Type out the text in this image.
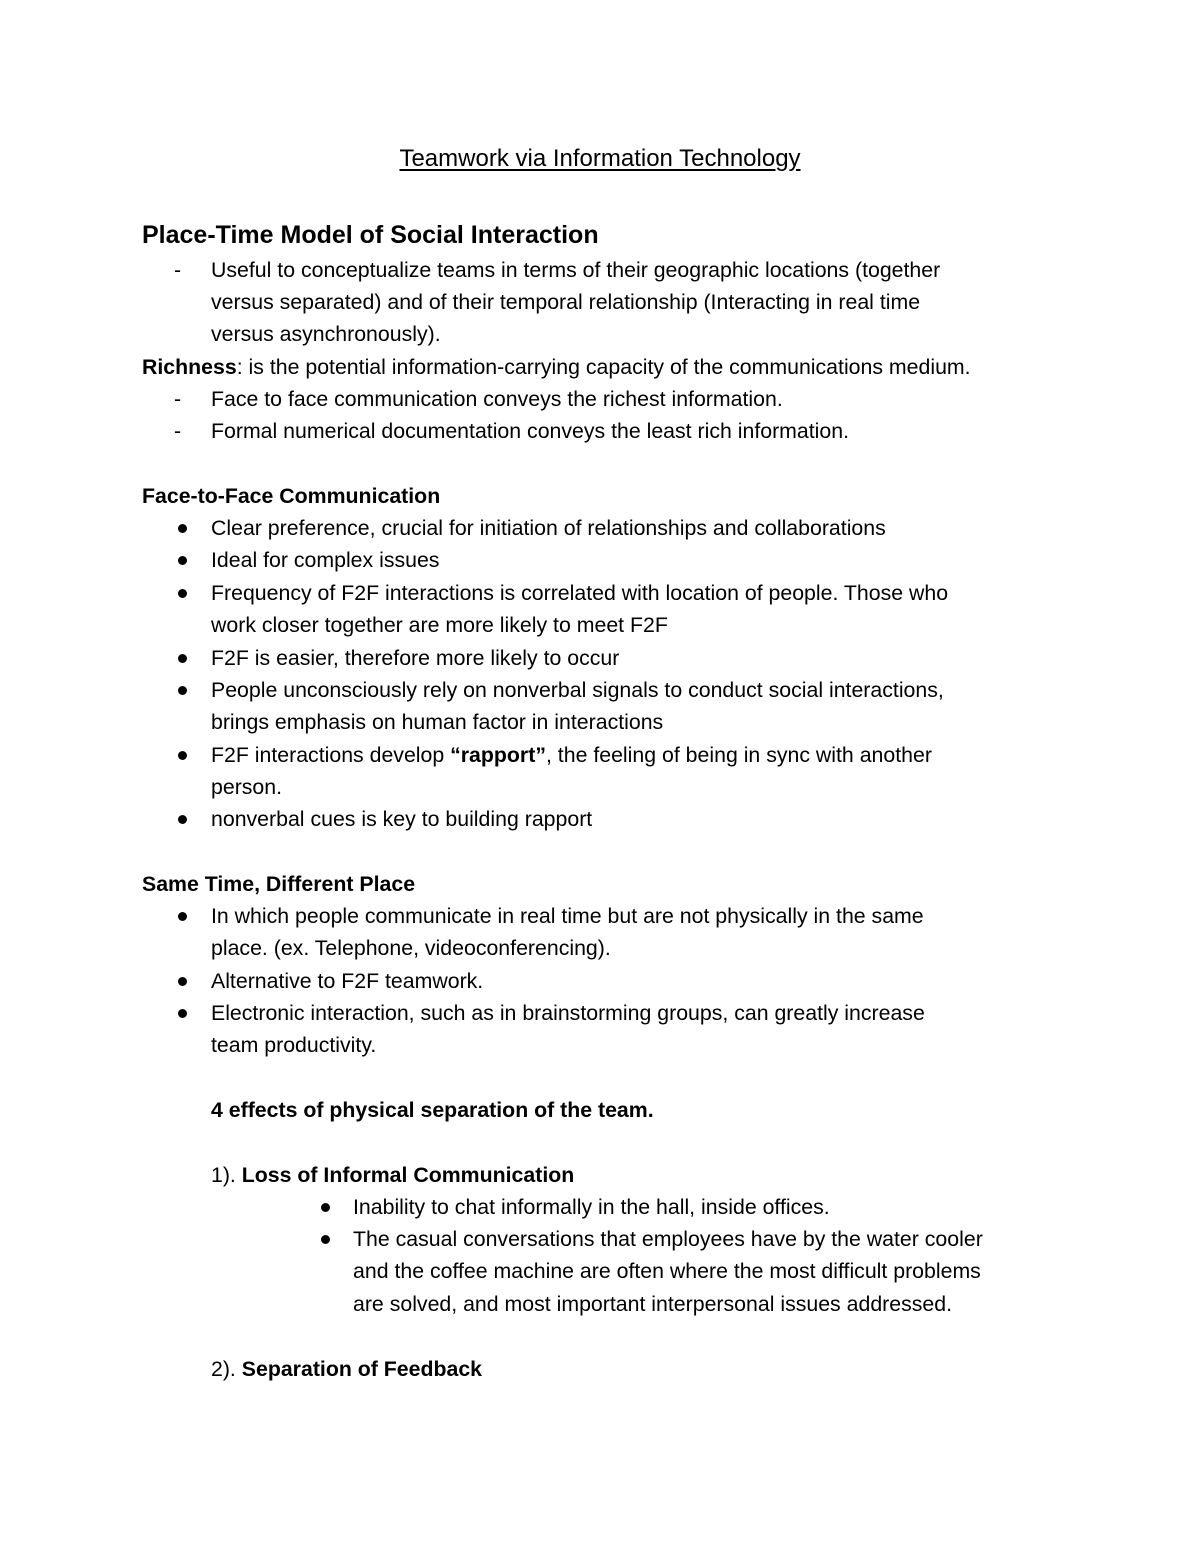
Teamwork via Information Technology
Place-Time Model of Social Interaction
- Useful to conceptualize teams in terms of their geographic locations (together
versus separated) and of their temporal relationship (Interacting in real time
versus asynchronously).
Richness: is the potential information-carrying capacity of the communications medium.
- Face to face communication conveys the richest information.
- Formal numerical documentation conveys the least rich information.
Face-to-Face Communication
Clear preference, crucial for initiation of relationships and collaborations
Ideal for complex issues
Frequency of F2F interactions is correlated with location of people. Those who
work closer together are more likely to meet F2F
F2F is easier, therefore more likely to occur
People unconsciously rely on nonverbal signals to conduct social interactions,
brings emphasis on human factor in interactions
F2F interactions develop “rapport”, the feeling of being in sync with another
person.
nonverbal cues is key to building rapport
Same Time, Different Place
In which people communicate in real time but are not physically in the same
place. (ex. Telephone, videoconferencing).
Alternative to F2F teamwork.
Electronic interaction, such as in brainstorming groups, can greatly increase
team productivity.
4 effects of physical separation of the team.
1). Loss of Informal Communication
Inability to chat informally in the hall, inside offices.
The casual conversations that employees have by the water cooler
and the coffee machine are often where the most difficult problems
are solved, and most important interpersonal issues addressed.
2). Separation of Feedback
